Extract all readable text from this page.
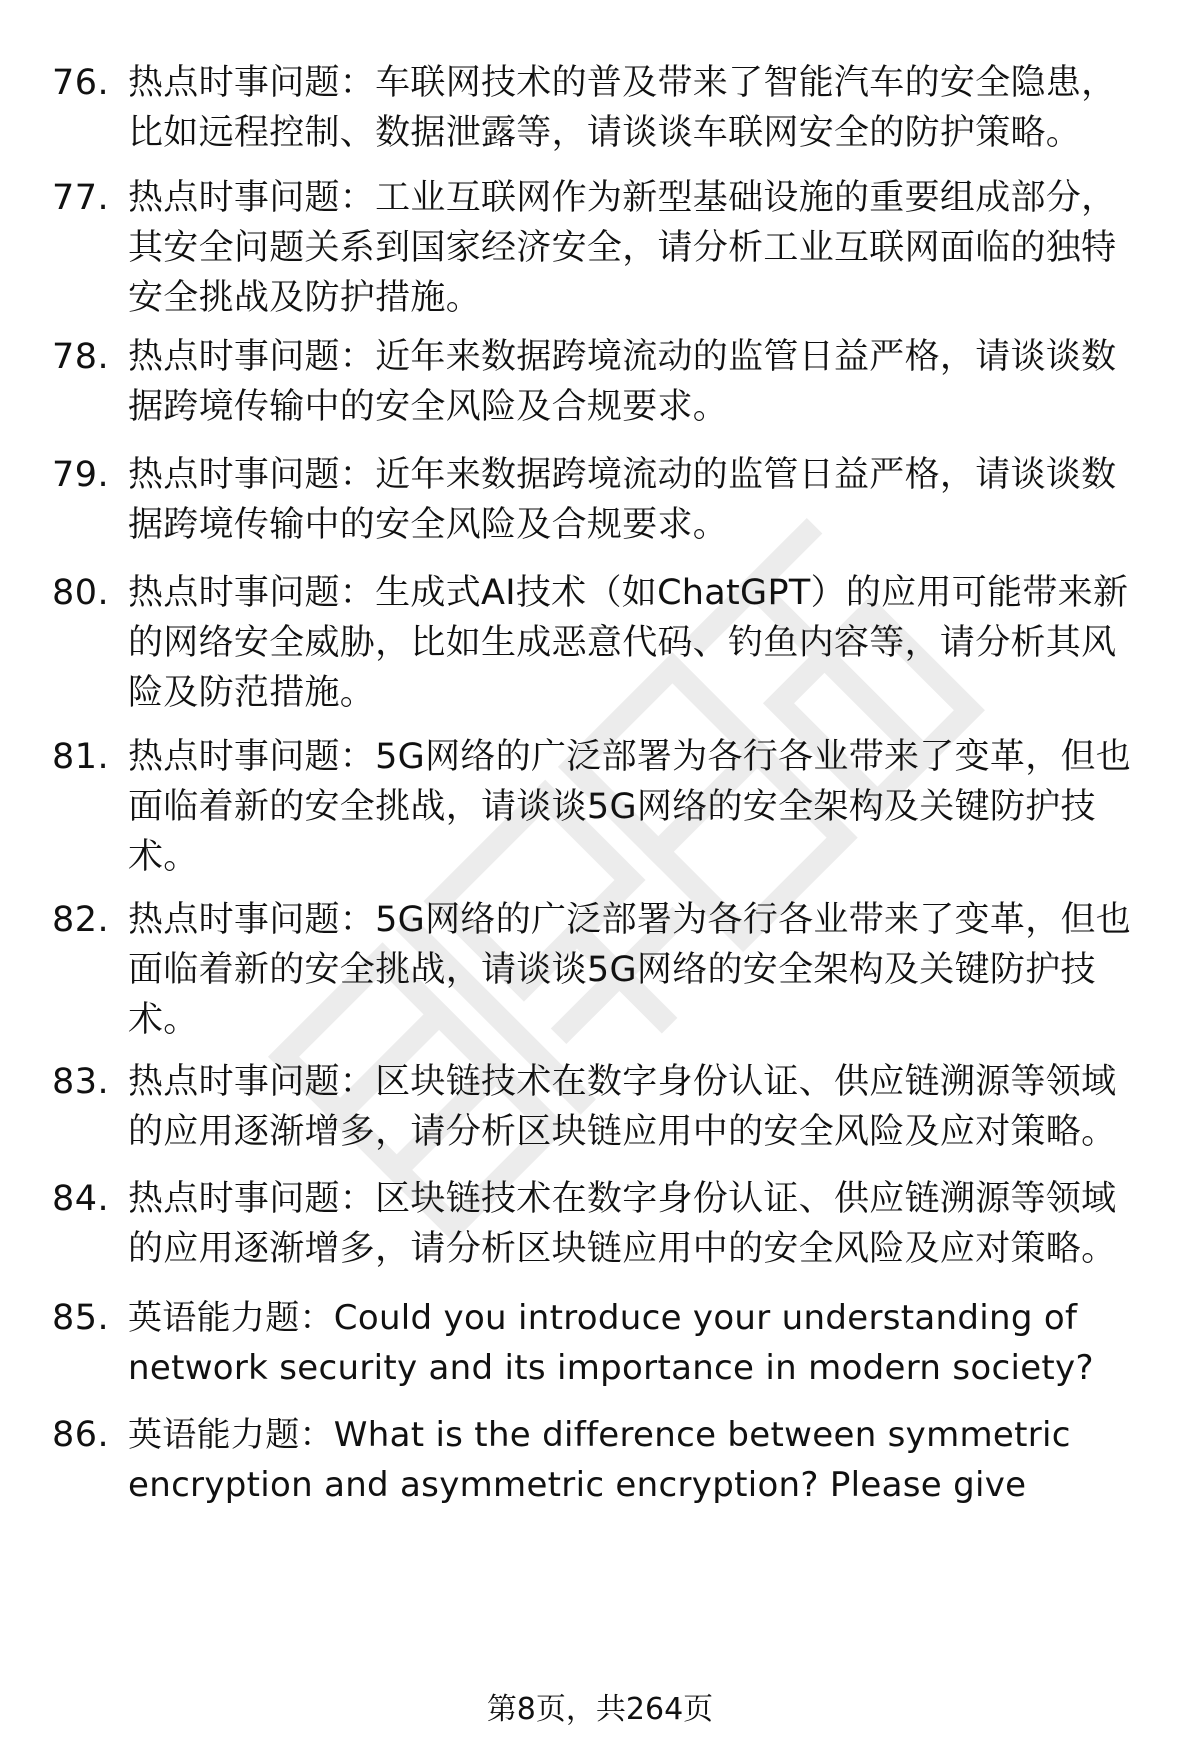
76. 热点时事问题：车联网技术的普及带来了智能汽车的安全隐患，比如远程控制、数据泄露等，请谈谈车联网安全的防护策略。
77. 热点时事问题：工业互联网作为新型基础设施的重要组成部分，其安全问题关系到国家经济安全，请分析工业互联网面临的独特安全挑战及防护措施。
78. 热点时事问题：近年来数据跨境流动的监管日益严格，请谈谈数据跨境传输中的安全风险及合规要求。
79. 热点时事问题：近年来数据跨境流动的监管日益严格，请谈谈数据跨境传输中的安全风险及合规要求。
80. 热点时事问题：生成式AI技术（如ChatGPT）的应用可能带来新的网络安全威胁，比如生成恶意代码、钓鱼内容等，请分析其风险及防范措施。
81. 热点时事问题：5G网络的广泛部署为各行各业带来了变革，但也面临着新的安全挑战，请谈谈5G网络的安全架构及关键防护技术。
82. 热点时事问题：5G网络的广泛部署为各行各业带来了变革，但也面临着新的安全挑战，请谈谈5G网络的安全架构及关键防护技术。
83. 热点时事问题：区块链技术在数字身份认证、供应链溯源等领域的应用逐渐增多，请分析区块链应用中的安全风险及应对策略。
84. 热点时事问题：区块链技术在数字身份认证、供应链溯源等领域的应用逐渐增多，请分析区块链应用中的安全风险及应对策略。
85. 英语能力题：Could you introduce your understanding of network security and its importance in modern society?
86. 英语能力题：What is the difference between symmetric encryption and asymmetric encryption? Please give
第8页，共264页
